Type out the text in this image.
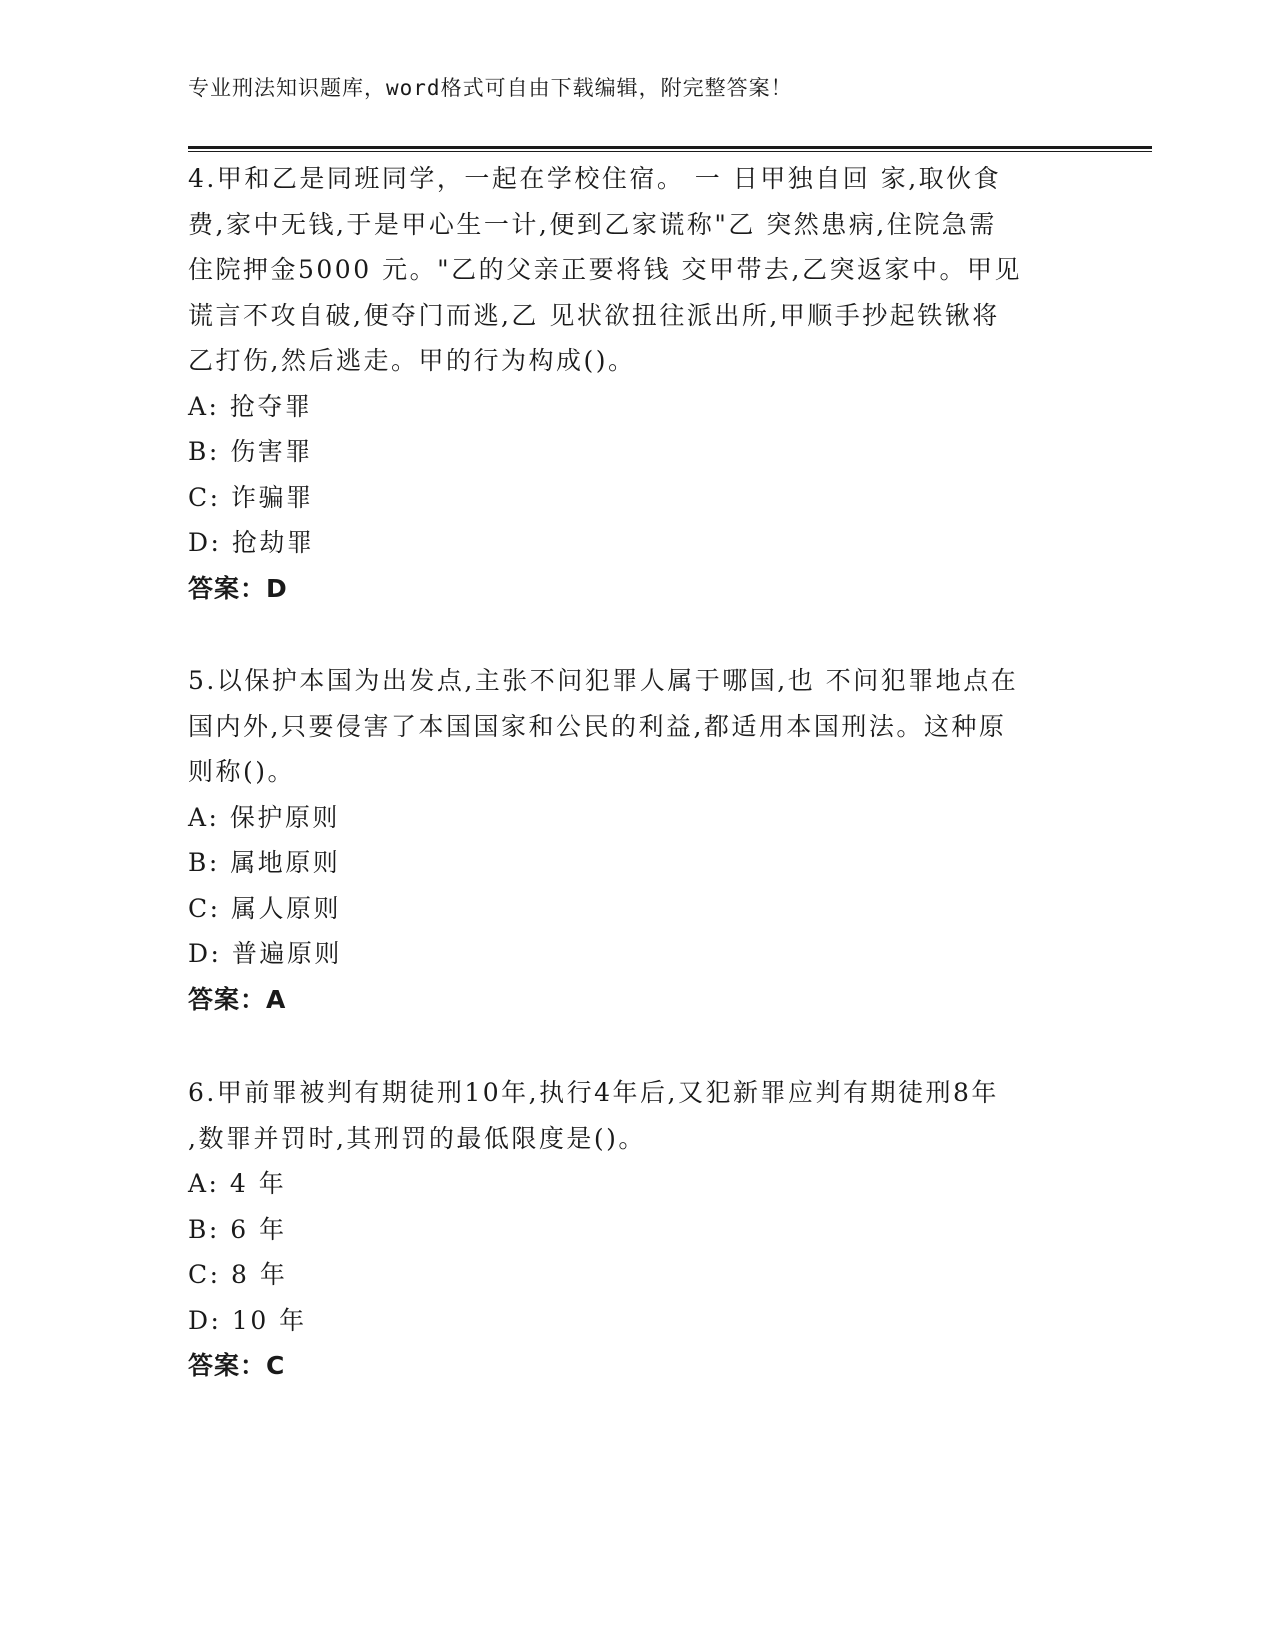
专业刑法知识题库，word格式可自由下载编辑，附完整答案！
4.甲和乙是同班同学，一起在学校住宿。 一 日甲独自回 家,取伙食
费,家中无钱,于是甲心生一计,便到乙家谎称"乙 突然患病,住院急需
住院押金5000 元。"乙的父亲正要将钱 交甲带去,乙突返家中。甲见
谎言不攻自破,便夺门而逃,乙 见状欲扭往派出所,甲顺手抄起铁锹将
乙打伤,然后逃走。甲的行为构成()。
A: 抢夺罪
B: 伤害罪
C: 诈骗罪
D: 抢劫罪
答案：D
5.以保护本国为出发点,主张不问犯罪人属于哪国,也 不问犯罪地点在
国内外,只要侵害了本国国家和公民的利益,都适用本国刑法。这种原
则称()。
A: 保护原则
B: 属地原则
C: 属人原则
D: 普遍原则
答案：A
6.甲前罪被判有期徒刑10年,执行4年后,又犯新罪应判有期徒刑8年
,数罪并罚时,其刑罚的最低限度是()。
A: 4 年
B: 6 年
C: 8 年
D: 10 年
答案：C
